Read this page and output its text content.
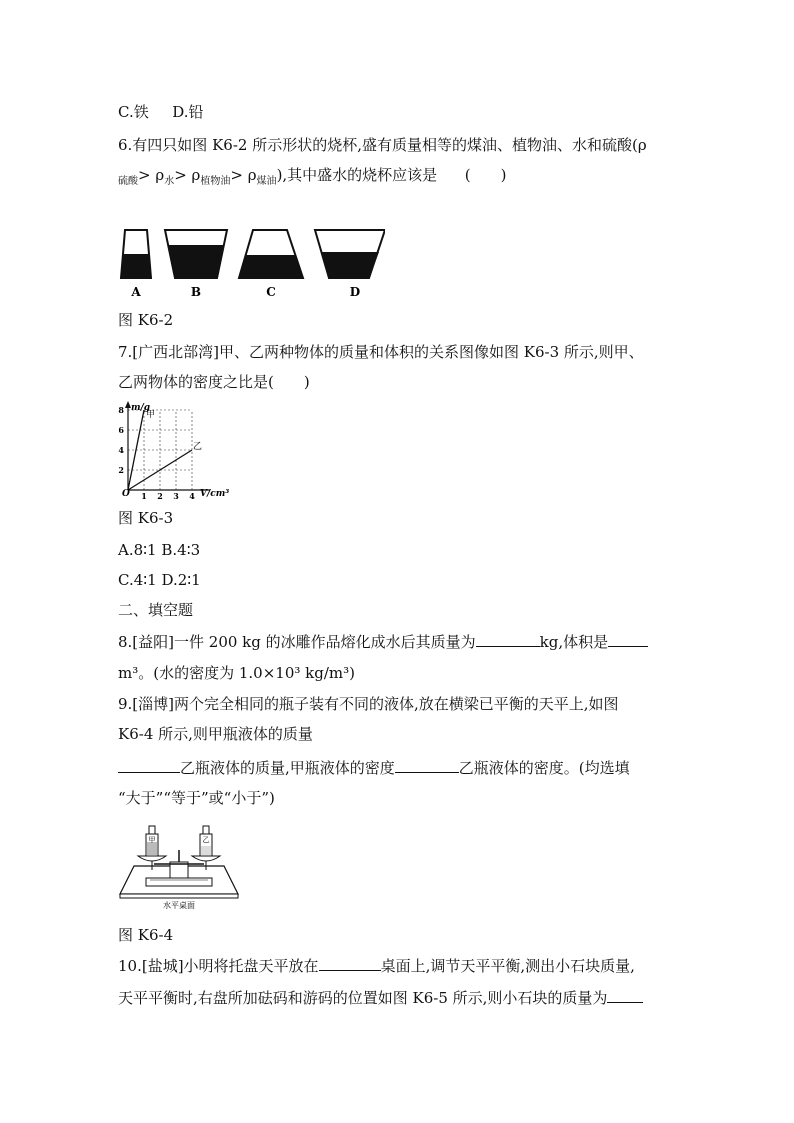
C.铁 D.铅
6.有四只如图 K6-2 所示形状的烧杯,盛有质量相等的煤油、植物油、水和硫酸(ρ
$_{硫酸}> \rho_水> \rho_{植物油}> \rho_{煤油}$),其中盛水的烧杯应该是 (　　)
A	B	C	D
图 K6-2
7.[广西北部湾]甲、乙两种物体的质量和体积的关系图像如图 K6-3 所示,则甲、
乙两物体的密度之比是(　　)
1 2 3 4
2
4
6
8 甲
乙
m/g
V/cm³
O
图 K6-3
A.8∶1 B.4∶3
C.4∶1 D.2∶1
二、填空题
8.[益阳]一件 200 kg 的冰雕作品熔化成水后其质量为	kg,体积是
m³。(水的密度为 1.0×10³ kg/m³)
9.[淄博]两个完全相同的瓶子装有不同的液体,放在横梁已平衡的天平上,如图
K6-4 所示,则甲瓶液体的质量
乙瓶液体的质量,甲瓶液体的密度	乙瓶液体的密度。(均选填
“大于”“等于”或“小于”)
甲	乙
水平桌面
图 K6-4
10.[盐城]小明将托盘天平放在	桌面上,调节天平平衡,测出小石块质量,
天平平衡时,右盘所加砝码和游码的位置如图 K6-5 所示,则小石块的质量为
